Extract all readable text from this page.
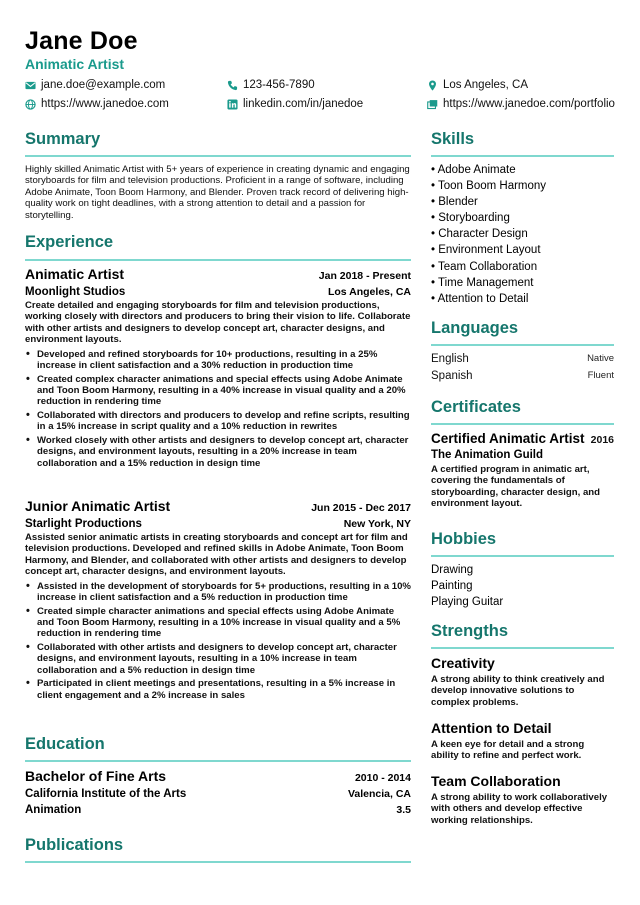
Jane Doe
Animatic Artist
jane.doe@example.com	123-456-7890	Los Angeles, CA
https://www.janedoe.com	linkedin.com/in/janedoe	https://www.janedoe.com/portfolio
Summary
Highly skilled Animatic Artist with 5+ years of experience in creating dynamic and engaging storyboards for film and television productions. Proficient in a range of software, including Adobe Animate, Toon Boom Harmony, and Blender. Proven track record of delivering high-quality work on tight deadlines, with a strong attention to detail and a passion for storytelling.
Experience
Animatic Artist	Jan 2018 - Present
Moonlight Studios	Los Angeles, CA
Create detailed and engaging storyboards for film and television productions, working closely with directors and producers to bring their vision to life. Collaborate with other artists and designers to develop concept art, character designs, and environment layouts.
• Developed and refined storyboards for 10+ productions, resulting in a 25% increase in client satisfaction and a 30% reduction in production time
• Created complex character animations and special effects using Adobe Animate and Toon Boom Harmony, resulting in a 40% increase in visual quality and a 20% reduction in rendering time
• Collaborated with directors and producers to develop and refine scripts, resulting in a 15% increase in script quality and a 10% reduction in rewrites
• Worked closely with other artists and designers to develop concept art, character designs, and environment layouts, resulting in a 20% increase in team collaboration and a 15% reduction in design time
Junior Animatic Artist	Jun 2015 - Dec 2017
Starlight Productions	New York, NY
Assisted senior animatic artists in creating storyboards and concept art for film and television productions. Developed and refined skills in Adobe Animate, Toon Boom Harmony, and Blender, and collaborated with other artists and designers to develop concept art, character designs, and environment layouts.
• Assisted in the development of storyboards for 5+ productions, resulting in a 10% increase in client satisfaction and a 5% reduction in production time
• Created simple character animations and special effects using Adobe Animate and Toon Boom Harmony, resulting in a 10% increase in visual quality and a 5% reduction in rendering time
• Collaborated with other artists and designers to develop concept art, character designs, and environment layouts, resulting in a 10% increase in team collaboration and a 5% reduction in design time
• Participated in client meetings and presentations, resulting in a 5% increase in client engagement and a 2% increase in sales
Education
Bachelor of Fine Arts	2010 - 2014
California Institute of the Arts	Valencia, CA
Animation	3.5
Publications
Skills
• Adobe Animate
• Toon Boom Harmony
• Blender
• Storyboarding
• Character Design
• Environment Layout
• Team Collaboration
• Time Management
• Attention to Detail
Languages
English	Native
Spanish	Fluent
Certificates
Certified Animatic Artist 2016
The Animation Guild
A certified program in animatic art, covering the fundamentals of storyboarding, character design, and environment layout.
Hobbies
Drawing
Painting
Playing Guitar
Strengths
Creativity
A strong ability to think creatively and develop innovative solutions to complex problems.
Attention to Detail
A keen eye for detail and a strong ability to refine and perfect work.
Team Collaboration
A strong ability to work collaboratively with others and develop effective working relationships.
